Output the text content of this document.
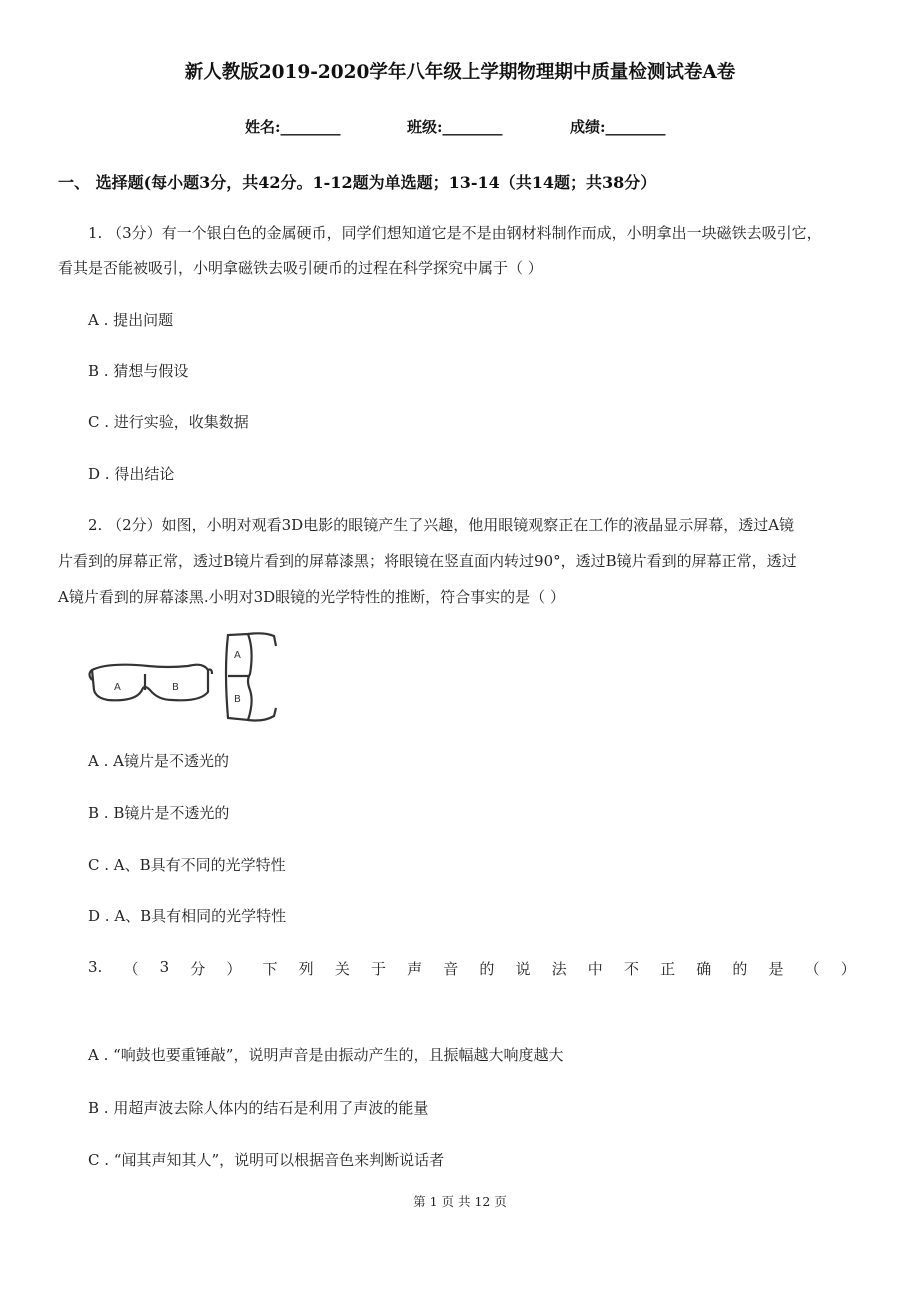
新人教版2019-2020学年八年级上学期物理期中质量检测试卷A卷
姓名:________	班级:________	成绩:________
一、 选择题(每小题3分，共42分。1-12题为单选题；13-14（共14题；共38分）
1. （3分）有一个银白色的金属硬币，同学们想知道它是不是由钢材料制作而成，小明拿出一块磁铁去吸引它，
看其是否能被吸引，小明拿磁铁去吸引硬币的过程在科学探究中属于（ ）
A . 提出问题
B . 猜想与假设
C . 进行实验，收集数据
D . 得出结论
2. （2分）如图，小明对观看3D电影的眼镜产生了兴趣，他用眼镜观察正在工作的液晶显示屏幕，透过A镜
片看到的屏幕正常，透过B镜片看到的屏幕漆黑；将眼镜在竖直面内转过90°，透过B镜片看到的屏幕正常，透过
A镜片看到的屏幕漆黑.小明对3D眼镜的光学特性的推断，符合事实的是（ ）
A	B
A
B
A . A镜片是不透光的
B . B镜片是不透光的
C . A、B具有不同的光学特性
D . A、B具有相同的光学特性
3. （ 3 分 ） 下 列 关 于 声 音 的 说 法 中 不 正 确 的 是 （ ）
A . “响鼓也要重锤敲”，说明声音是由振动产生的，且振幅越大响度越大
B . 用超声波去除人体内的结石是利用了声波的能量
C . “闻其声知其人”，说明可以根据音色来判断说话者
第 1 页 共 12 页
